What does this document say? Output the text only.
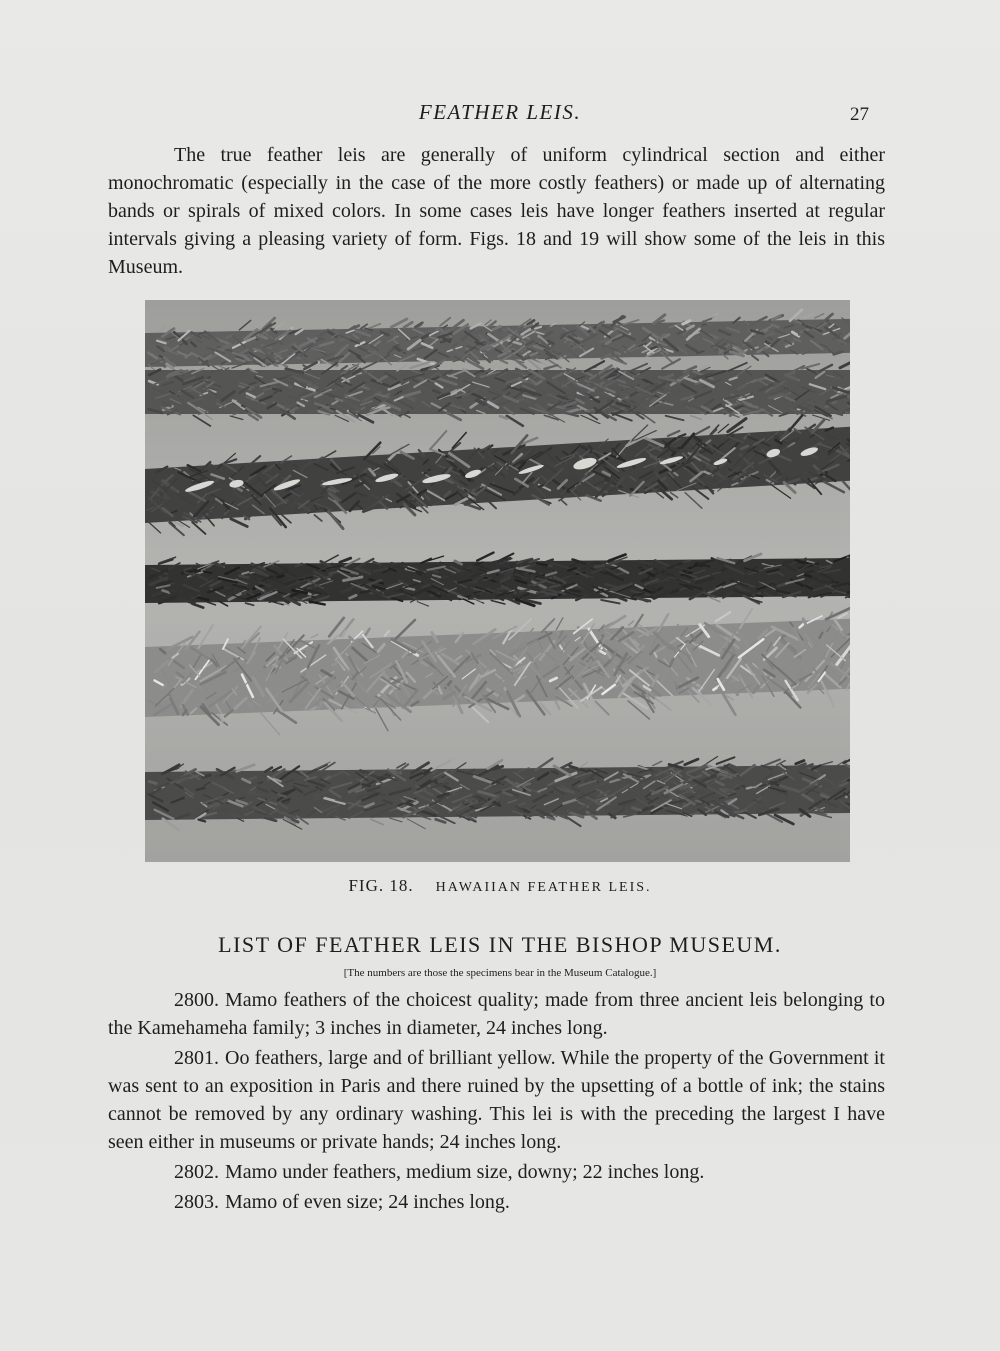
FEATHER LEIS.	27

The true feather leis are generally of uniform cylindrical section and either monochromatic (especially in the case of the more costly feathers) or made up of alternating bands or spirals of mixed colors. In some cases leis have longer feathers inserted at regular intervals giving a pleasing variety of form. Figs. 18 and 19 will show some of the leis in this Museum.

FIG. 18. HAWAIIAN FEATHER LEIS.
LIST OF FEATHER LEIS IN THE BISHOP MUSEUM.
[The numbers are those the specimens bear in the Museum Catalogue.]

2800. Mamo feathers of the choicest quality; made from three ancient leis belonging to the Kamehameha family; 3 inches in diameter, 24 inches long.

2801. Oo feathers, large and of brilliant yellow. While the property of the Government it was sent to an exposition in Paris and there ruined by the upsetting of a bottle of ink; the stains cannot be removed by any ordinary washing. This lei is with the preceding the largest I have seen either in museums or private hands; 24 inches long.

2802. Mamo under feathers, medium size, downy; 22 inches long.

2803. Mamo of even size; 24 inches long.
